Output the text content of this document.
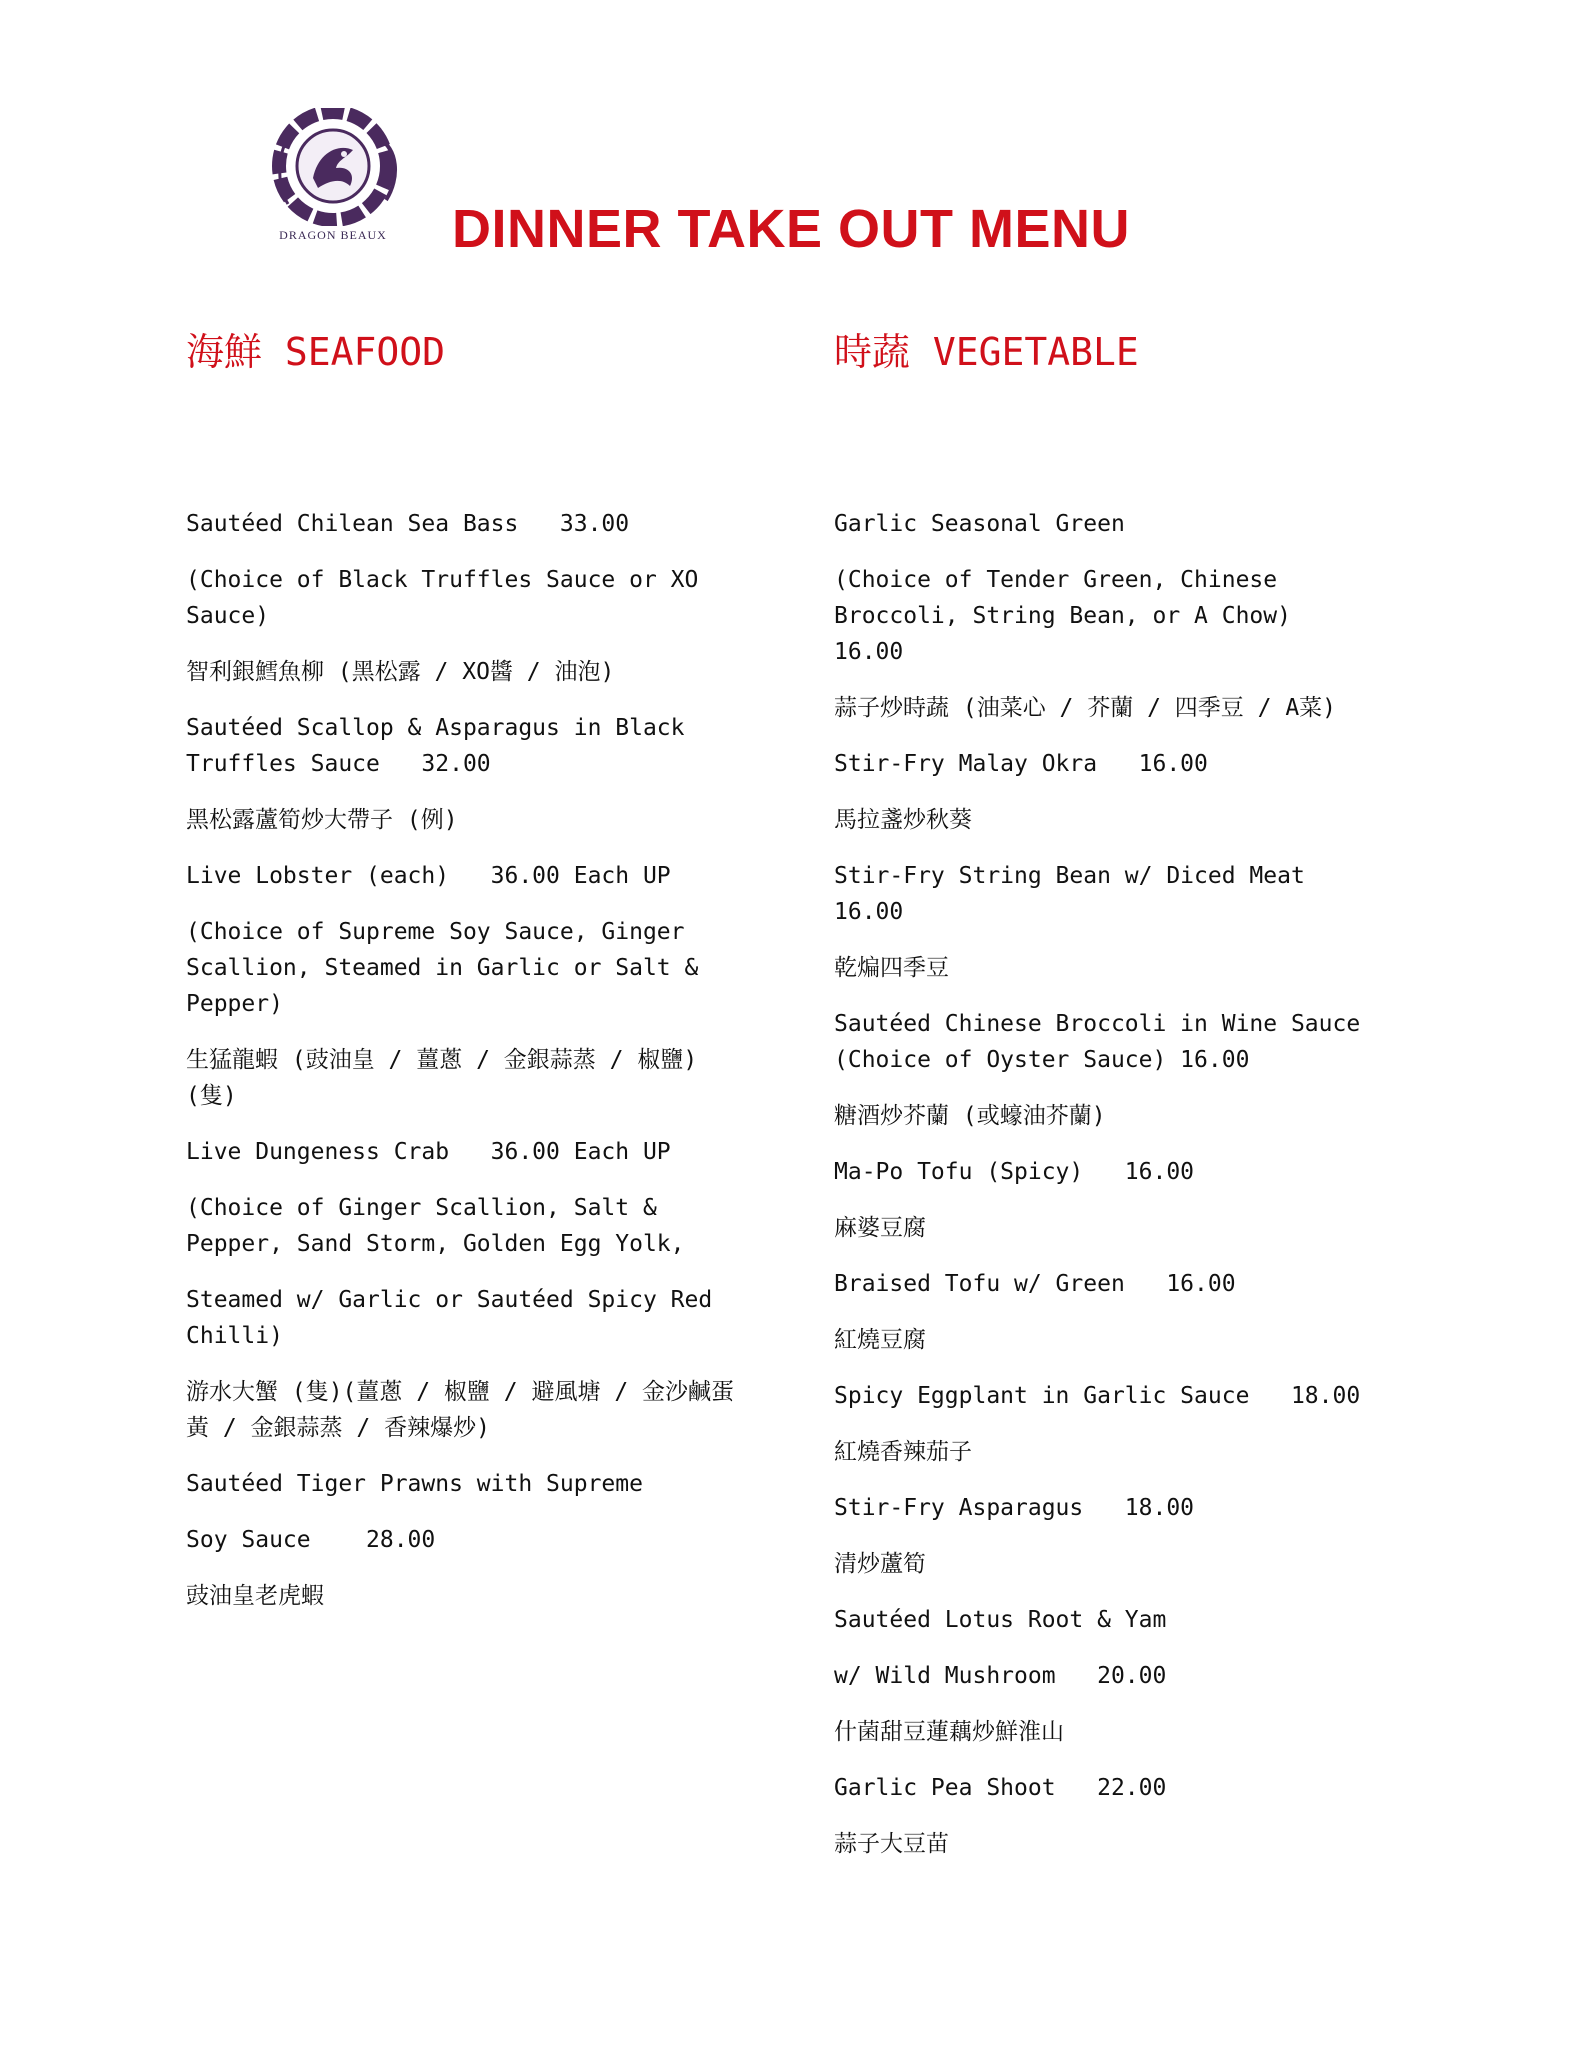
DRAGON BEAUX	DINNER TAKE OUT MENU
海鮮 SEAFOOD

Sautéed Chilean Sea Bass   33.00

(Choice of Black Truffles Sauce or XO Sauce)

智利銀鱈魚柳 (黑松露 / XO醬 / 油泡)

Sautéed Scallop & Asparagus in Black Truffles Sauce   32.00

黑松露蘆筍炒大帶子 (例)

Live Lobster (each)   36.00 Each UP

(Choice of Supreme Soy Sauce, Ginger Scallion, Steamed in Garlic or Salt & Pepper)

生猛龍蝦 (豉油皇 / 薑蔥 / 金銀蒜蒸 / 椒鹽)(隻)

Live Dungeness Crab   36.00 Each UP

(Choice of Ginger Scallion, Salt & Pepper, Sand Storm, Golden Egg Yolk,

Steamed w/ Garlic or Sautéed Spicy Red Chilli)

游水大蟹 (隻)(薑蔥 / 椒鹽 / 避風塘 / 金沙鹹蛋黃 / 金銀蒜蒸 / 香辣爆炒)

Sautéed Tiger Prawns with Supreme

Soy Sauce    28.00

豉油皇老虎蝦

時蔬 VEGETABLE

Garlic Seasonal Green

(Choice of Tender Green, Chinese Broccoli, String Bean, or A Chow)   16.00

蒜子炒時蔬 (油菜心 / 芥蘭 / 四季豆 / A菜)

Stir-Fry Malay Okra   16.00

馬拉盞炒秋葵

Stir-Fry String Bean w/ Diced Meat   16.00

乾煸四季豆

Sautéed Chinese Broccoli in Wine Sauce (Choice of Oyster Sauce) 16.00

糖酒炒芥蘭 (或蠔油芥蘭)

Ma-Po Tofu (Spicy)   16.00

麻婆豆腐

Braised Tofu w/ Green   16.00

紅燒豆腐

Spicy Eggplant in Garlic Sauce   18.00

紅燒香辣茄子

Stir-Fry Asparagus   18.00

清炒蘆筍

Sautéed Lotus Root & Yam

w/ Wild Mushroom   20.00

什菌甜豆蓮藕炒鮮淮山

Garlic Pea Shoot   22.00

蒜子大豆苗
